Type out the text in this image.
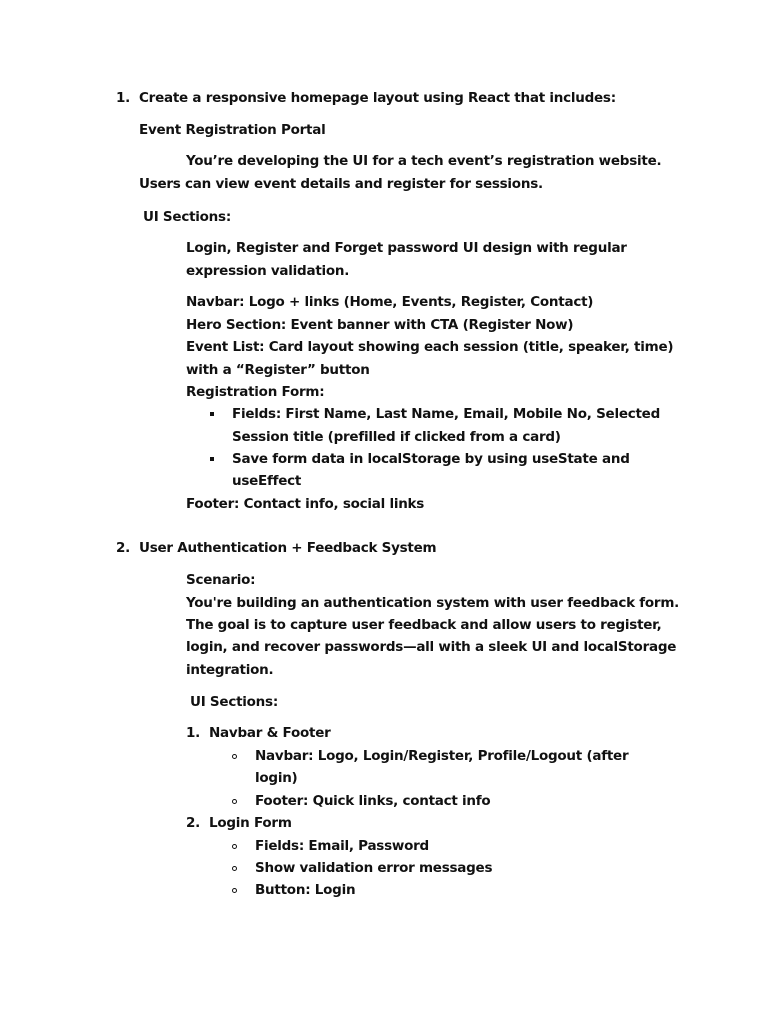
1. Create a responsive homepage layout using React that includes:
Event Registration Portal
You’re developing the UI for a tech event’s registration website.
Users can view event details and register for sessions.
UI Sections:
Login, Register and Forget password UI design with regular
expression validation.
Navbar: Logo + links (Home, Events, Register, Contact)
Hero Section: Event banner with CTA (Register Now)
Event List: Card layout showing each session (title, speaker, time)
with a “Register” button
Registration Form:
Fields: First Name, Last Name, Email, Mobile No, Selected
Session title (prefilled if clicked from a card)
Save form data in localStorage by using useState and
useEffect
Footer: Contact info, social links
2. User Authentication + Feedback System
Scenario:
You're building an authentication system with user feedback form.
The goal is to capture user feedback and allow users to register,
login, and recover passwords—all with a sleek UI and localStorage
integration.
UI Sections:
1. Navbar & Footer
Navbar: Logo, Login/Register, Profile/Logout (after
login)
Footer: Quick links, contact info
2. Login Form
Fields: Email, Password
Show validation error messages
Button: Login
